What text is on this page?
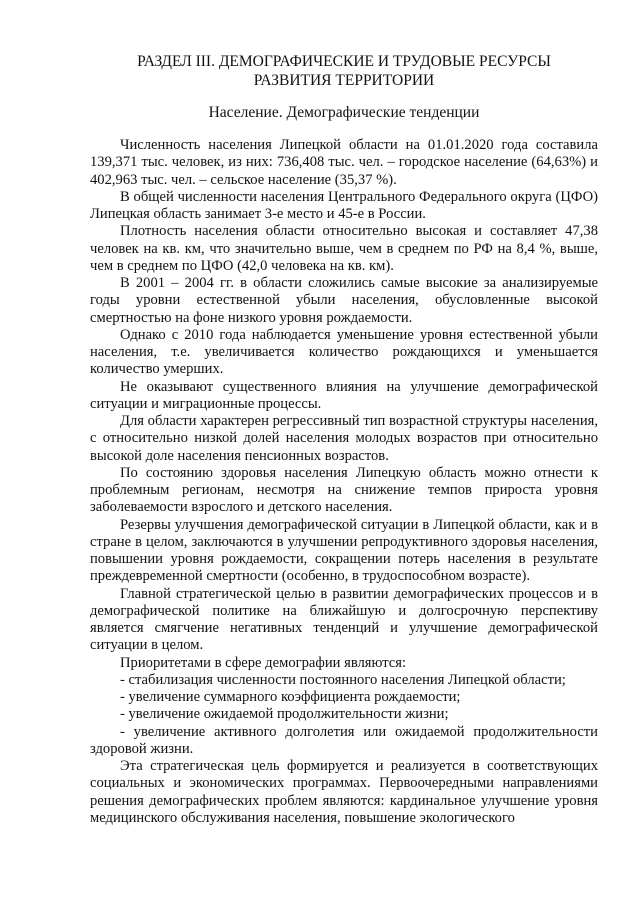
РАЗДЕЛ III. ДЕМОГРАФИЧЕСКИЕ И ТРУДОВЫЕ РЕСУРСЫ
РАЗВИТИЯ ТЕРРИТОРИИ
Население. Демографические тенденции

Численность населения Липецкой области на 01.01.2020 года составила 139,371 тыс. человек, из них: 736,408 тыс. чел. – городское население (64,63%) и 402,963 тыс. чел. – сельское население (35,37 %).

В общей численности населения Центрального Федерального округа (ЦФО) Липецкая область занимает 3-е место и 45-е в России.

Плотность населения области относительно высокая и составляет 47,38 человек на кв. км, что значительно выше, чем в среднем по РФ на 8,4 %, выше, чем в среднем по ЦФО (42,0 человека на кв. км).

В 2001 – 2004 гг. в области сложились самые высокие за анализируемые годы уровни естественной убыли населения, обусловленные высокой смертностью на фоне низкого уровня рождаемости.

Однако с 2010 года наблюдается уменьшение уровня естественной убыли населения, т.е. увеличивается количество рождающихся и уменьшается количество умерших.

Не оказывают существенного влияния на улучшение демографической ситуации и миграционные процессы.

Для области характерен регрессивный тип возрастной структуры населения, с относительно низкой долей населения молодых возрастов при относительно высокой доле населения пенсионных возрастов.

По состоянию здоровья населения Липецкую область можно отнести к проблемным регионам, несмотря на снижение темпов прироста уровня заболеваемости взрослого и детского населения.

Резервы улучшения демографической ситуации в Липецкой области, как и в стране в целом, заключаются в улучшении репродуктивного здоровья населения, повышении уровня рождаемости, сокращении потерь населения в результате преждевременной смертности (особенно, в трудоспособном возрасте).

Главной стратегической целью в развитии демографических процессов и в демографической политике на ближайшую и долгосрочную перспективу является смягчение негативных тенденций и улучшение демографической ситуации в целом.

Приоритетами в сфере демографии являются:

- стабилизация численности постоянного населения Липецкой области;

- увеличение суммарного коэффициента рождаемости;

- увеличение ожидаемой продолжительности жизни;

- увеличение активного долголетия или ожидаемой продолжительности здоровой жизни.

Эта стратегическая цель формируется и реализуется в соответствующих социальных и экономических программах. Первоочередными направлениями решения демографических проблем являются: кардинальное улучшение уровня медицинского обслуживания населения, повышение экологического
